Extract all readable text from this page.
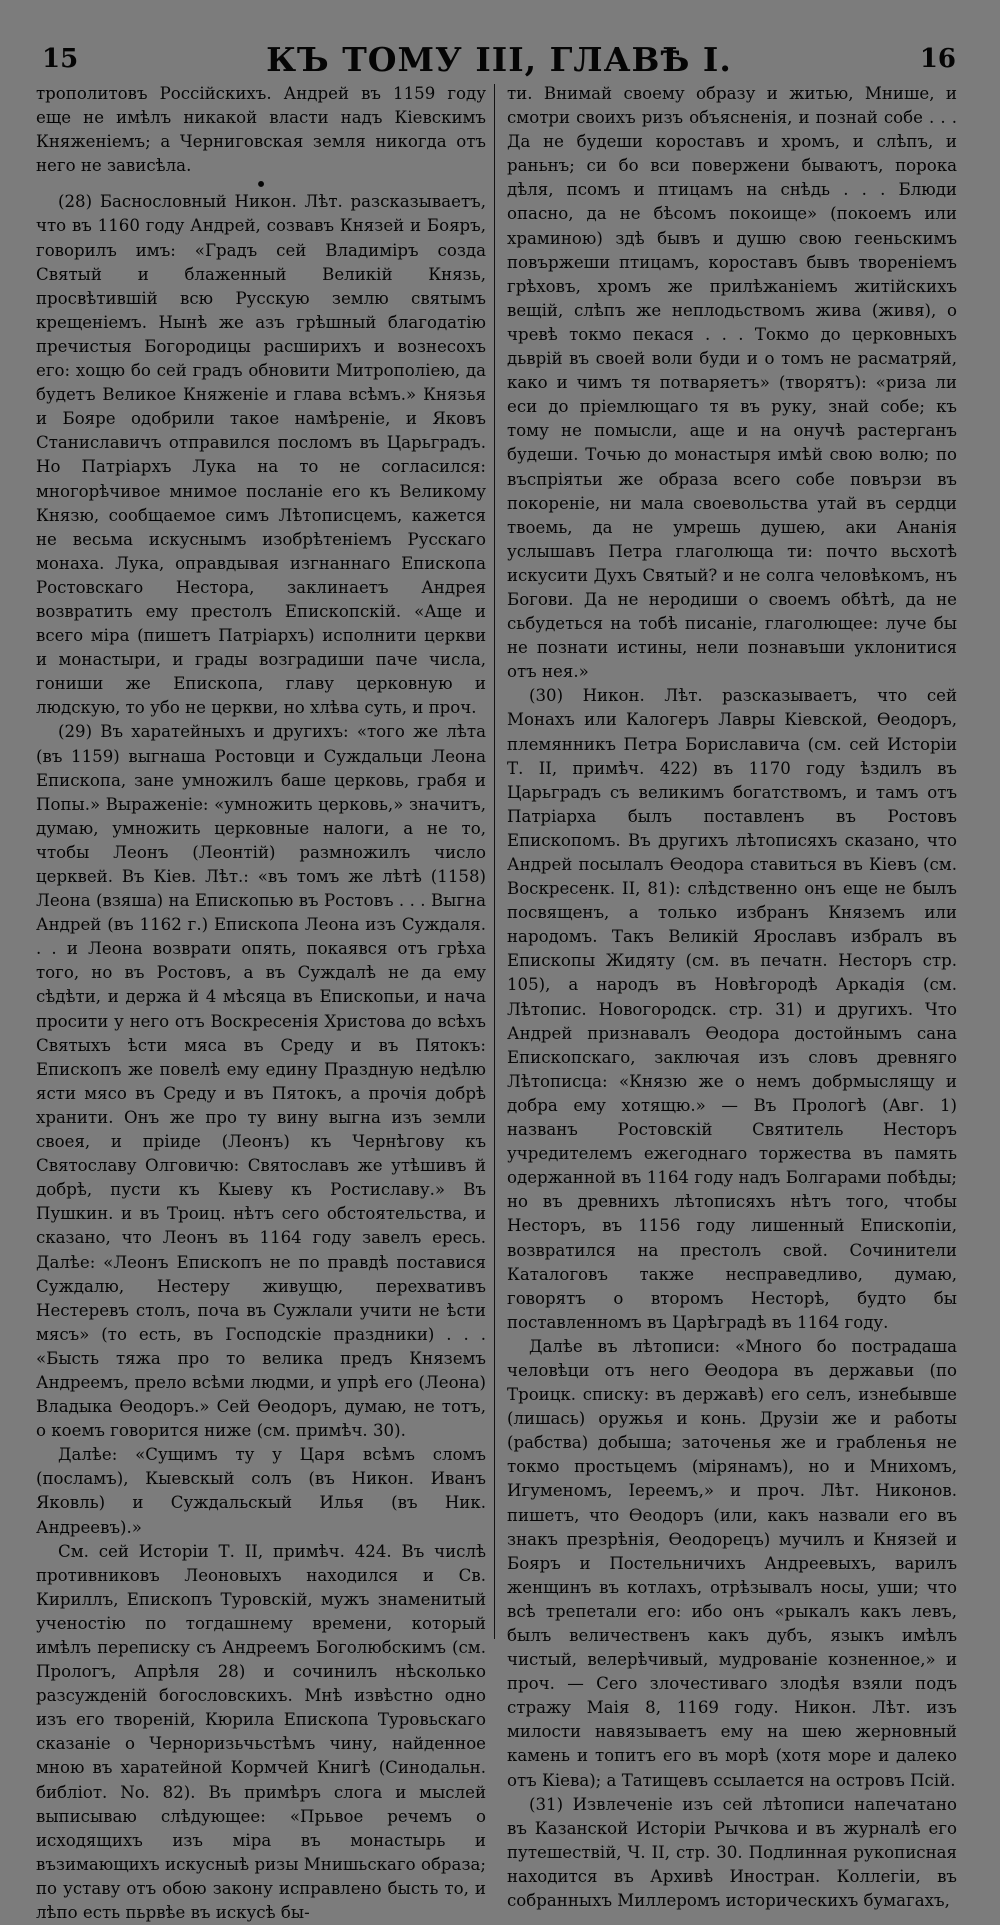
15	КЪ ТОМУ III, ГЛАВѢ I.	16

трополитовъ Россійскихъ. Андрей въ 1159 году еще не имѣлъ никакой власти надъ Кіевскимъ Княженіемъ; а Черниговская земля никогда отъ него не зависѣла.

•

(28) Баснословный Никон. Лѣт. разсказываетъ, что въ 1160 году Андрей, созвавъ Князей и Бояръ, говорилъ имъ: «Градъ сей Владиміръ созда Святый и блаженный Великій Князь, просвѣтившій всю Русскую землю святымъ крещеніемъ. Нынѣ же азъ грѣшный благодатію пречистыя Богородицы расширихъ и вознесохъ его: хощю бо сей градъ обновити Митрополіею, да будетъ Великое Княженіе и глава всѣмъ.» Князья и Бояре одобрили такое намѣреніе, и Яковъ Станиславичъ отправился посломъ въ Царьградъ. Но Патріархъ Лука на то не согласился: многорѣчивое мнимое посланіе его къ Великому Князю, сообщаемое симъ Лѣтописцемъ, кажется не весьма искуснымъ изобрѣтеніемъ Русскаго монаха. Лука, оправдывая изгнаннаго Епископа Ростовскаго Нестора, заклинаетъ Андрея возвратить ему престолъ Епископскій. «Аще и всего міра (пишетъ Патріархъ) исполнити церкви и монастыри, и грады возградиши паче числа, гониши же Епископа, главу церковную и людскую, то убо не церкви, но хлѣва суть, и проч.

(29) Въ харатейныхъ и другихъ: «того же лѣта (въ 1159) выгнаша Ростовци и Суждальци Леона Епископа, зане умножилъ баше церковь, грабя и Попы.» Выраженіе: «умножить церковь,» значитъ, думаю, умножить церковные налоги, а не то, чтобы Леонъ (Леонтій) размножилъ число церквей. Въ Кіев. Лѣт.: «въ томъ же лѣтѣ (1158) Леона (взяша) на Епископью въ Ростовъ . . . Выгна Андрей (въ 1162 г.) Епископа Леона изъ Суждаля. . . и Леона возврати опять, покаявся отъ грѣха того, но въ Ростовъ, а въ Суждалѣ не да ему сѣдѣти, и держа й 4 мѣсяца въ Епископьи, и нача просити у него отъ Воскресенія Христова до всѣхъ Святыхъ ѣсти мяса въ Среду и въ Пятокъ: Епископъ же повелѣ ему едину Праздную недѣлю ясти мясо въ Среду и въ Пятокъ, а прочія добрѣ хранити. Онъ же про ту вину выгна изъ земли своея, и пріиде (Леонъ) къ Чернѣгову къ Святославу Олговичю: Святославъ же утѣшивъ й добрѣ, пусти къ Кыеву къ Ростиславу.» Въ Пушкин. и въ Троиц. нѣтъ сего обстоятельства, и сказано, что Леонъ въ 1164 году завелъ ересь. Далѣе: «Леонъ Епископъ не по правдѣ поставися Суждалю, Нестеру живущю, перехвативъ Нестеревъ столъ, поча въ Сужлали учити не ѣсти мясъ» (то есть, въ Господскіе праздники) . . . «Бысть тяжа про то велика предъ Княземъ Андреемъ, прело всѣми людми, и упрѣ его (Леона) Владыка Ѳеодоръ.» Сей Ѳеодоръ, думаю, не тотъ, о коемъ говорится ниже (см. примѣч. 30).

Далѣе: «Сущимъ ту у Царя всѣмъ сломъ (посламъ), Кыевскый солъ (въ Никон. Иванъ Яковль) и Суждальскый Илья (въ Ник. Андреевъ).»

См. сей Исторіи Т. II, примѣч. 424. Въ числѣ противниковъ Леоновыхъ находился и Св. Кириллъ, Епископъ Туровскій, мужъ знаменитый ученостію по тогдашнему времени, который имѣлъ переписку съ Андреемъ Боголюбскимъ (см. Прологъ, Апрѣля 28) и сочинилъ нѣсколько разсужденій богословскихъ. Мнѣ извѣстно одно изъ его твореній, Кюрила Епископа Туровьскаго сказаніе о Черноризьчьстѣмъ чину, найденное мною въ харатейной Кормчей Книгѣ (Синодальн. библіот. No. 82). Въ примѣръ слога и мыслей выписываю слѣдующее: «Прьвое речемъ о исходящихъ изъ міра въ монастырь и възимающихъ искусныѣ ризы Мнишьскаго образа; по уставу отъ обою закону исправлено бысть то, и лѣпо есть пьрвѣе въ искусѣ бы-

ти. Внимай своему образу и житью, Мнише, и смотри своихъ ризъ объясненія, и познай собе . . . Да не будеши короставъ и хромъ, и слѣпъ, и раньнъ; си бо вси повержени бываютъ, порока дѣля, псомъ и птицамъ на снѣдь . . . Блюди опасно, да не бѣсомъ покоище» (покоемъ или храминою) здѣ бывъ и душю свою гееньскимъ повържеши птицамъ, короставъ бывъ твореніемъ грѣховъ, хромъ же прилѣжаніемъ житійскихъ вещій, слѣпъ же неплодьствомъ жива (живя), о чревѣ токмо пекася . . . Токмо до церковныхъ дьврій въ своей воли буди и о томъ не расматряй, како и чимъ тя потваряетъ» (творятъ): «риза ли еси до пріемлющаго тя въ руку, знай собе; къ тому не помысли, аще и на онучѣ растерганъ будеши. Точью до монастыря имѣй свою волю; по въспріятьи же образа всего собе повързи въ покореніе, ни мала своевольства утай въ сердци твоемь, да не умрешь душею, аки Ананія услышавъ Петра глаголюща ти: почто вьсхотѣ искусити Духъ Святый? и не солга человѣкомъ, нъ Богови. Да не неродиши о своемъ обѣтѣ, да не сьбудеться на тобѣ писаніе, глаголющее: луче бы не познати истины, нели познавъши уклонитися отъ нея.»

(30) Никон. Лѣт. разсказываетъ, что сей Монахъ или Калогеръ Лавры Кіевской, Ѳеодоръ, племянникъ Петра Бориславича (см. сей Исторіи Т. II, примѣч. 422) въ 1170 году ѣздилъ въ Царьградъ съ великимъ богатствомъ, и тамъ отъ Патріарха былъ поставленъ въ Ростовъ Епископомъ. Въ другихъ лѣтописяхъ сказано, что Андрей посылалъ Ѳеодора ставиться въ Кіевъ (см. Воскресенк. II, 81): слѣдственно онъ еще не былъ посвященъ, а только избранъ Княземъ или народомъ. Такъ Великій Ярославъ избралъ въ Епископы Жидяту (см. въ печатн. Несторъ стр. 105), а народъ въ Новѣгородѣ Аркадія (см. Лѣтопис. Новогородск. стр. 31) и другихъ. Что Андрей признавалъ Ѳеодора достойнымъ сана Епископскаго, заключая изъ словъ древняго Лѣтописца: «Князю же о немъ добрмыслящу и добра ему хотящю.» — Въ Прологѣ (Авг. 1) названъ Ростовскій Святитель Несторъ учредителемъ ежегоднаго торжества въ память одержанной въ 1164 году надъ Болгарами побѣды; но въ древнихъ лѣтописяхъ нѣтъ того, чтобы Несторъ, въ 1156 году лишенный Епископіи, возвратился на престолъ свой. Сочинители Каталоговъ также несправедливо, думаю, говорятъ о второмъ Несторѣ, будто бы поставленномъ въ Царѣградѣ въ 1164 году.

Далѣе въ лѣтописи: «Много бо пострадаша человѣци отъ него Ѳеодора въ державьи (по Троицк. списку: въ державѣ) его селъ, изнебывше (лишась) оружья и конь. Друзіи же и работы (рабства) добыша; заточенья же и грабленья не токмо простьцемъ (мірянамъ), но и Мнихомъ, Игуменомъ, Іереемъ,» и проч. Лѣт. Никонов. пишетъ, что Ѳеодоръ (или, какъ назвали его въ знакъ презрѣнія, Ѳеодорецъ) мучилъ и Князей и Бояръ и Постельничихъ Андреевыхъ, варилъ женщинъ въ котлахъ, отрѣзывалъ носы, уши; что всѣ трепетали его: ибо онъ «рыкалъ какъ левъ, былъ величественъ какъ дубъ, языкъ имѣлъ чистый, велерѣчивый, мудрованіе козненное,» и проч. — Сего злочестиваго злодѣя взяли подъ стражу Маія 8, 1169 году. Никон. Лѣт. изъ милости навязываетъ ему на шею жерновный камень и топитъ его въ морѣ (хотя море и далеко отъ Кіева); а Татищевъ ссылается на островъ Псій.

(31) Извлеченіе изъ сей лѣтописи напечатано въ Казанской Исторіи Рычкова и въ журналѣ его путешествій, Ч. II, стр. 30. Подлинная рукописная находится въ Архивѣ Иностран. Коллегіи, въ собранныхъ Миллеромъ историческихъ бумагахъ,
